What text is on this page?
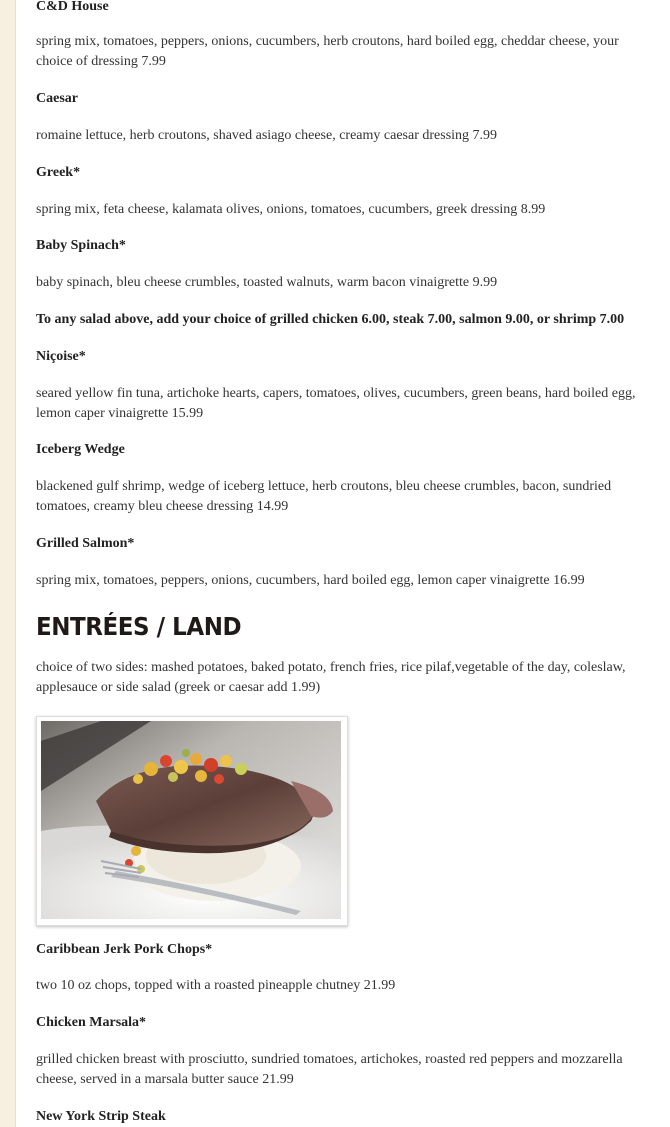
C&D House
spring mix, tomatoes, peppers, onions, cucumbers, herb croutons, hard boiled egg, cheddar cheese, your choice of dressing 7.99
Caesar
romaine lettuce, herb croutons, shaved asiago cheese, creamy caesar dressing 7.99
Greek*
spring mix, feta cheese, kalamata olives, onions, tomatoes, cucumbers, greek dressing 8.99
Baby Spinach*
baby spinach, bleu cheese crumbles, toasted walnuts, warm bacon vinaigrette 9.99
To any salad above, add your choice of grilled chicken 6.00, steak 7.00, salmon 9.00, or shrimp 7.00
Niçoise*
seared yellow fin tuna, artichoke hearts, capers, tomatoes, olives, cucumbers, green beans, hard boiled egg, lemon caper vinaigrette 15.99
Iceberg Wedge
blackened gulf shrimp, wedge of iceberg lettuce, herb croutons, bleu cheese crumbles, bacon, sundried tomatoes, creamy bleu cheese dressing 14.99
Grilled Salmon*
spring mix, tomatoes, peppers, onions, cucumbers, hard boiled egg, lemon caper vinaigrette 16.99
ENTRÉES / LAND
choice of two sides: mashed potatoes, baked potato, french fries, rice pilaf,vegetable of the day, coleslaw, applesauce or side salad (greek or caesar add 1.99)
Caribbean Jerk Pork Chops*
two 10 oz chops, topped with a roasted pineapple chutney 21.99
Chicken Marsala*
grilled chicken breast with prosciutto, sundried tomatoes, artichokes, roasted red peppers and mozzarella cheese, served in a marsala butter sauce 21.99
New York Strip Steak
